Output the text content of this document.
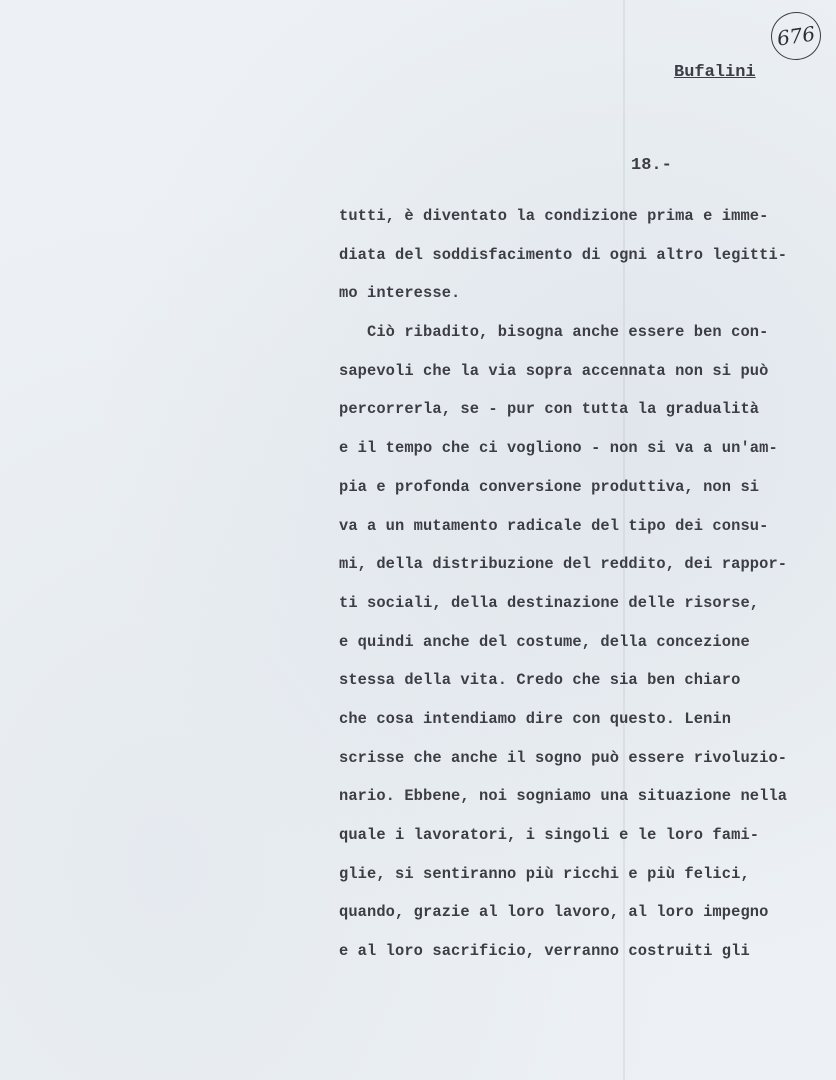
676
Bufalini
18.-
tutti, è diventato la condizione prima e imme-
diata del soddisfacimento di ogni altro legitti-
mo interesse.
Ciò ribadito, bisogna anche essere ben con-
sapevoli che la via sopra accennata non si può
percorrerla, se - pur con tutta la gradualità
e il tempo che ci vogliono - non si va a un'am-
pia e profonda conversione produttiva, non si
va a un mutamento radicale del tipo dei consu-
mi, della distribuzione del reddito, dei rappor-
ti sociali, della destinazione delle risorse,
e quindi anche del costume, della concezione
stessa della vita. Credo che sia ben chiaro
che cosa intendiamo dire con questo. Lenin
scrisse che anche il sogno può essere rivoluzio-
nario. Ebbene, noi sogniamo una situazione nella
quale i lavoratori, i singoli e le loro fami-
glie, si sentiranno più ricchi e più felici,
quando, grazie al loro lavoro, al loro impegno
e al loro sacrificio, verranno costruiti gli
